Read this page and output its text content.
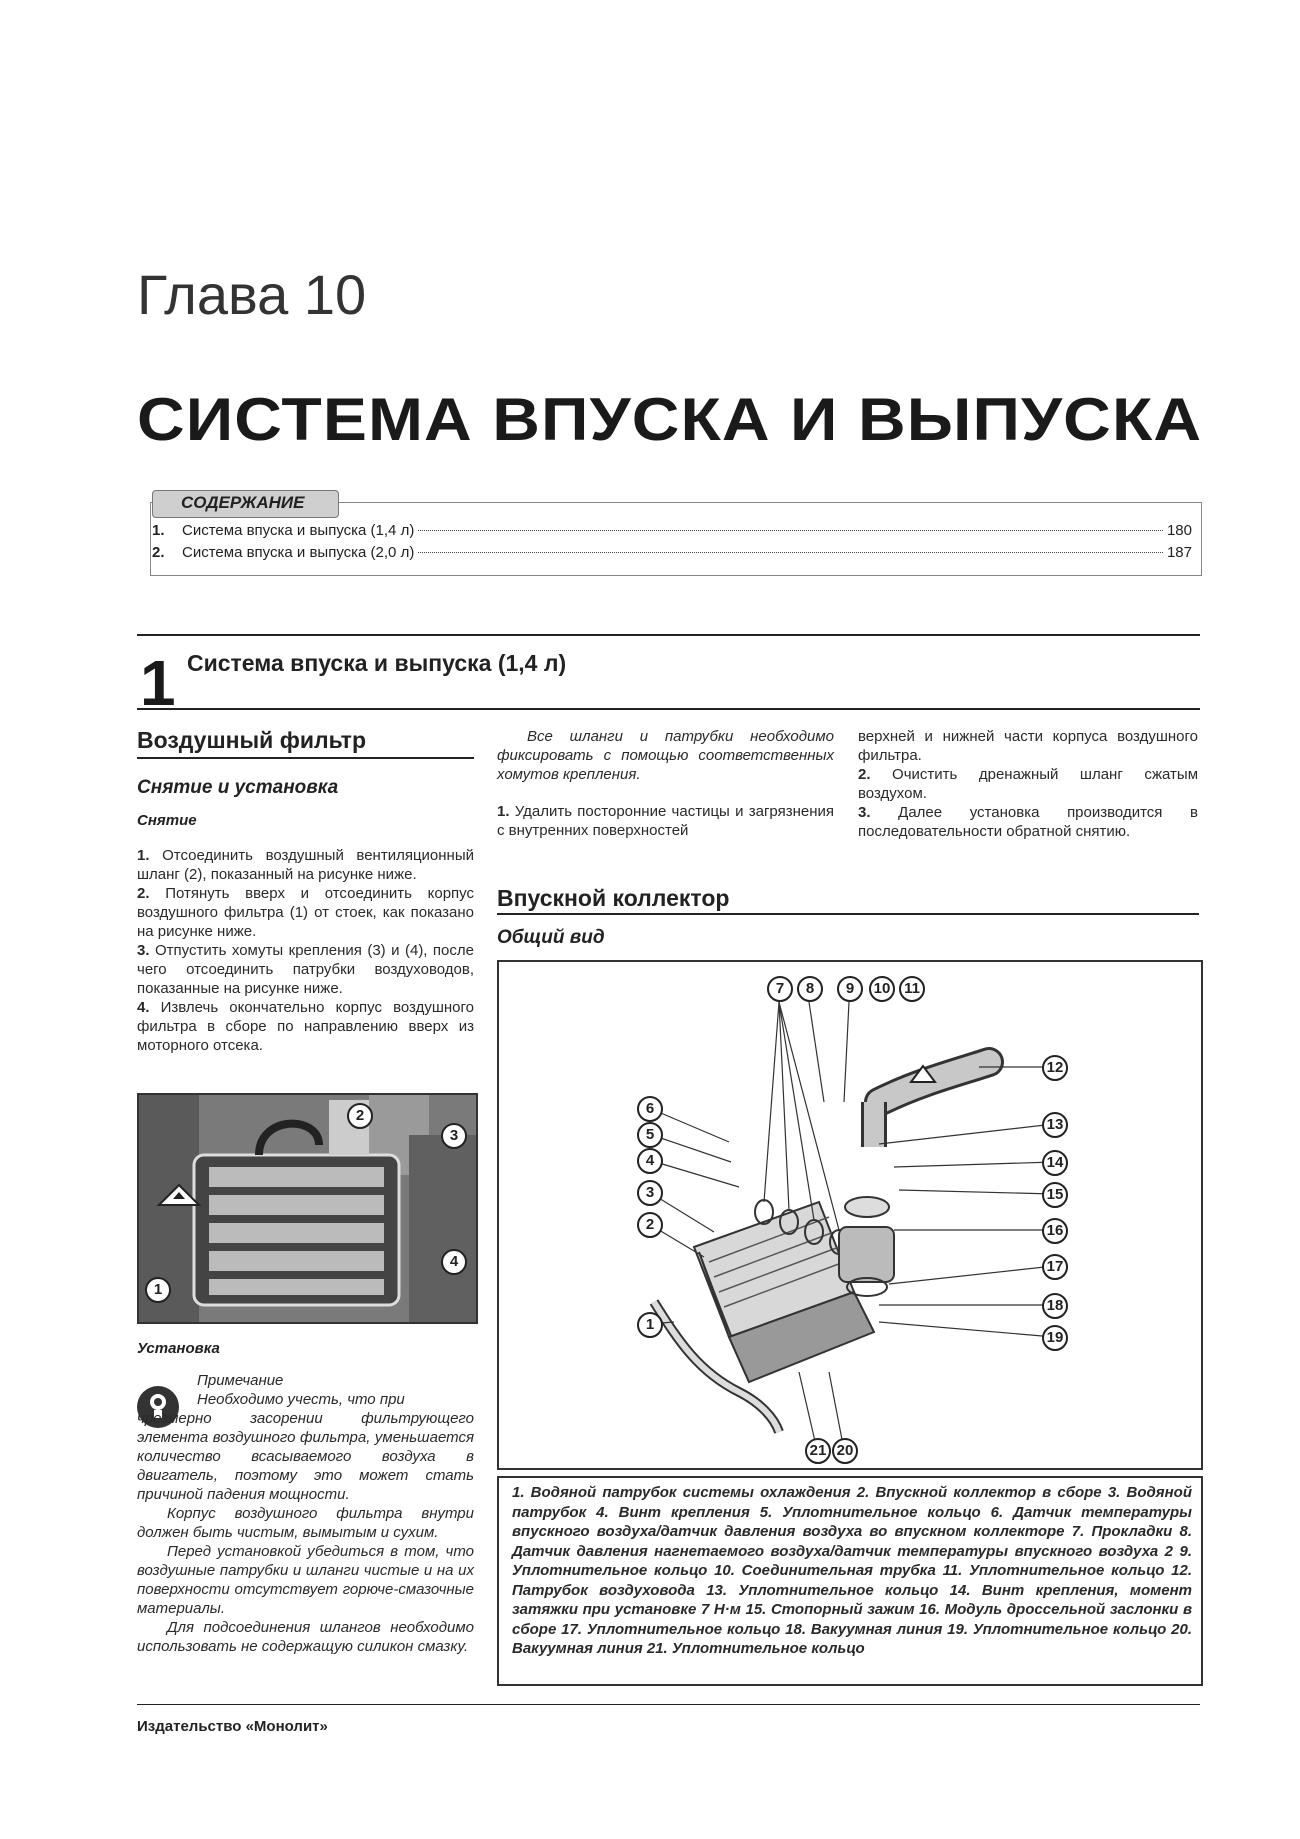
Глава 10
СИСТЕМА ВПУСКА И ВЫПУСКА
СОДЕРЖАНИЕ
1.	Система впуска и выпуска (1,4 л)	180
2.	Система впуска и выпуска (2,0 л)	187
1 Система впуска и выпуска (1,4 л)
Воздушный фильтр
Снятие и установка
Снятие
1. Отсоединить воздушный вентиляционный шланг (2), показанный на рисунке ниже.
2. Потянуть вверх и отсоединить корпус воздушного фильтра (1) от стоек, как показано на рисунке ниже.
3. Отпустить хомуты крепления (3) и (4), после чего отсоединить патрубки воздуховодов, показанные на рисунке ниже.
4. Извлечь окончательно корпус воздушного фильтра в сборе по направлению вверх из моторного отсека.
2
3
4
1
Установка
Примечание
Необходимо учесть, что при
чрезмерно засорении фильтрующего элемента воздушного фильтра, уменьшается количество всасываемого воздуха в двигатель, поэтому это может стать причиной падения мощности.
Корпус воздушного фильтра внутри должен быть чистым, вымытым и сухим.
Перед установкой убедиться в том, что воздушные патрубки и шланги чистые и на их поверхности отсутствует горюче-смазочные материалы.
Для подсоединения шлангов необходимо использовать не содержащую силикон смазку.
Все шланги и патрубки необходимо фиксировать с помощью соответственных хомутов крепления.
1. Удалить посторонние частицы и загрязнения с внутренних поверхностей
верхней и нижней части корпуса воздушного фильтра.
2. Очистить дренажный шланг сжатым воздухом.
3. Далее установка производится в последовательности обратной снятию.
Впускной коллектор
Общий вид
7	8	9	10 11
12
6
5
4
13
14
3	15
2	16
17
18
1
19
21 20
1. Водяной патрубок системы охлаждения 2. Впускной коллектор в сборе 3. Водяной патрубок 4. Винт крепления 5. Уплотнительное кольцо 6. Датчик температуры впускного воздуха/датчик давления воздуха во впускном коллекторе 7. Прокладки 8. Датчик давления нагнетаемого воздуха/датчик температуры впускного воздуха 2 9. Уплотнительное кольцо 10. Соединительная трубка 11. Уплотнительное кольцо 12. Патрубок воздуховода 13. Уплотнительное кольцо 14. Винт крепления, момент затяжки при установке 7 Н·м 15. Стопорный зажим 16. Модуль дроссельной заслонки в сборе 17. Уплотнительное кольцо 18. Вакуумная линия 19. Уплотнительное кольцо 20. Вакуумная линия 21. Уплотнительное кольцо
Издательство «Монолит»
